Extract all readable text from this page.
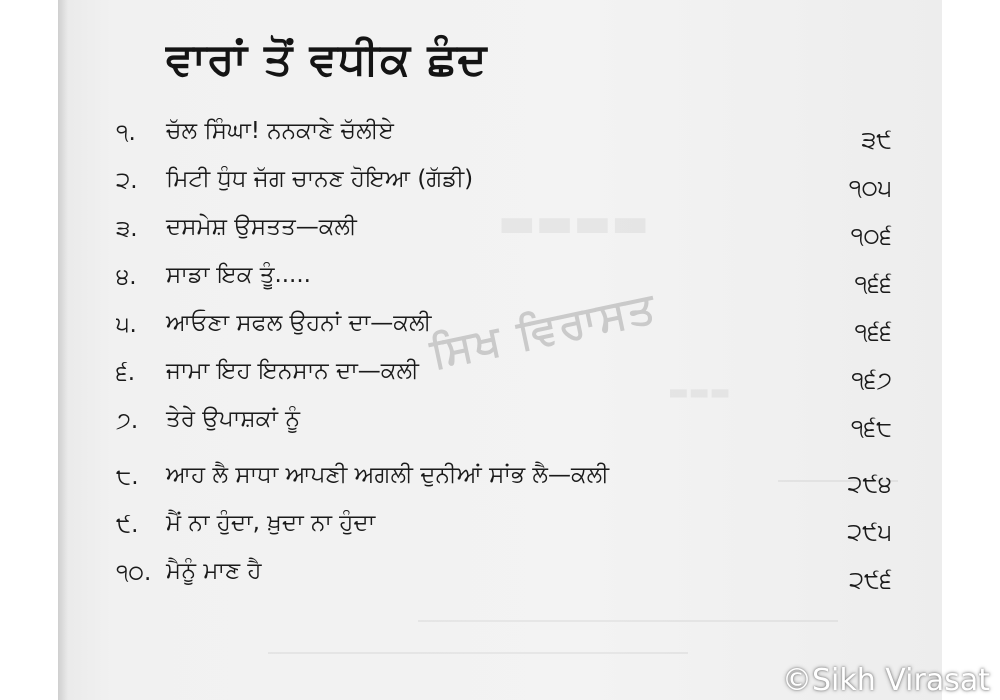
▬▬▬▬
▬▬▬
ਵਾਰਾਂ ਤੋਂ ਵਧੀਕ ਛੰਦ
੧. ਚੱਲ ਸਿੰਘਾ! ਨਨਕਾਣੇ ਚੱਲੀਏ	੩੯
੨. ਮਿਟੀ ਧੁੰਧ ਜੱਗ ਚਾਨਣ ਹੋਇਆ (ਗੱਡੀ)	੧੦੫
੩. ਦਸਮੇਸ਼ ਉਸਤਤ—ਕਲੀ	੧੦੬
੪. ਸਾਡਾ ਇਕ ਤੂੰ.....	੧੬੬
੫. ਆਓਣਾ ਸਫਲ ਉਹਨਾਂ ਦਾ—ਕਲੀ	੧੬੬
੬. ਜਾਮਾ ਇਹ ਇਨਸਾਨ ਦਾ—ਕਲੀ	੧੬੭
੭. ਤੇਰੇ ਉਪਾਸ਼ਕਾਂ ਨੂੰ	੧੬੮
੮. ਆਹ ਲੈ ਸਾਧਾ ਆਪਣੀ ਅਗਲੀ ਦੁਨੀਆਂ ਸਾਂਭ ਲੈ—ਕਲੀ	੨੯੪
੯. ਮੈਂ ਨਾ ਹੁੰਦਾ, ਖ਼ੁਦਾ ਨਾ ਹੁੰਦਾ	੨੯੫
੧੦. ਮੈਨੂੰ ਮਾਣ ਹੈ	੨੯੬
ਸਿਖ ਵਿਰਾਸਤ
©Sikh Virasat
